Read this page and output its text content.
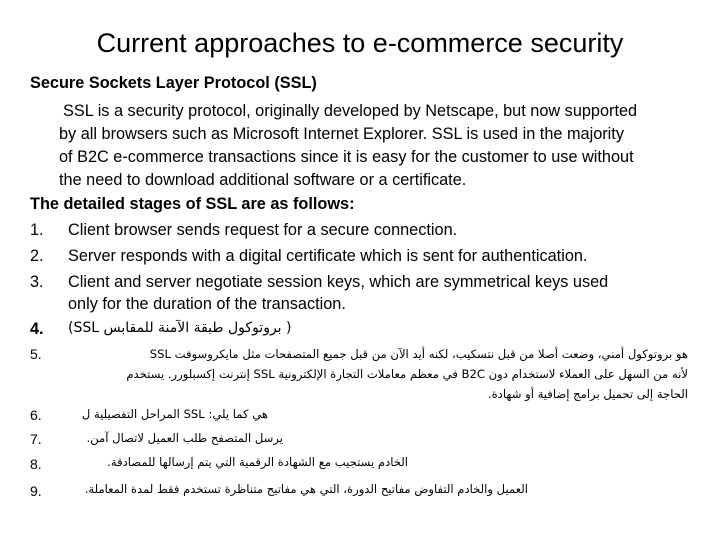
Current approaches to e-commerce security
Secure Sockets Layer Protocol (SSL)
SSL is a security protocol, originally developed by Netscape, but now supported
by all browsers such as Microsoft Internet Explorer. SSL is used in the majority
of B2C e-commerce transactions since it is easy for the customer to use without
the need to download additional software or a certificate.
The detailed stages of SSL are as follows:
1. Client browser sends request for a secure connection.
2. Server responds with a digital certificate which is sent for authentication.
3. Client and server negotiate session keys, which are symmetrical keys used
only for the duration of the transaction.
4. ( بروتوكول طبقة الآمنة للمقابس SSL)
5.	هو بروتوكول أمني، وضعت أصلا من قبل نتسكيب، لكنه أيد الآن من قبل جميع المتصفحات مثل مايكروسوفت SSL
لأنه من السهل على العملاء لاستخدام دون B2C في معظم معاملات التجارة الإلكترونية SSL إنترنت إكسبلورر. يستخدم
الحاجة إلى تحميل برامج إضافية أو شهادة.
6.	هي كما يلي: SSL المراحل التفصيلية ل
7.	يرسل المتصفح طلب العميل لاتصال آمن.
8.	الخادم يستجيب مع الشهادة الرقمية التي يتم إرسالها للمصادقة.
9.	العميل والخادم التفاوض مفاتيح الدورة، التي هي مفاتيح متناظرة تستخدم فقط لمدة المعاملة.
